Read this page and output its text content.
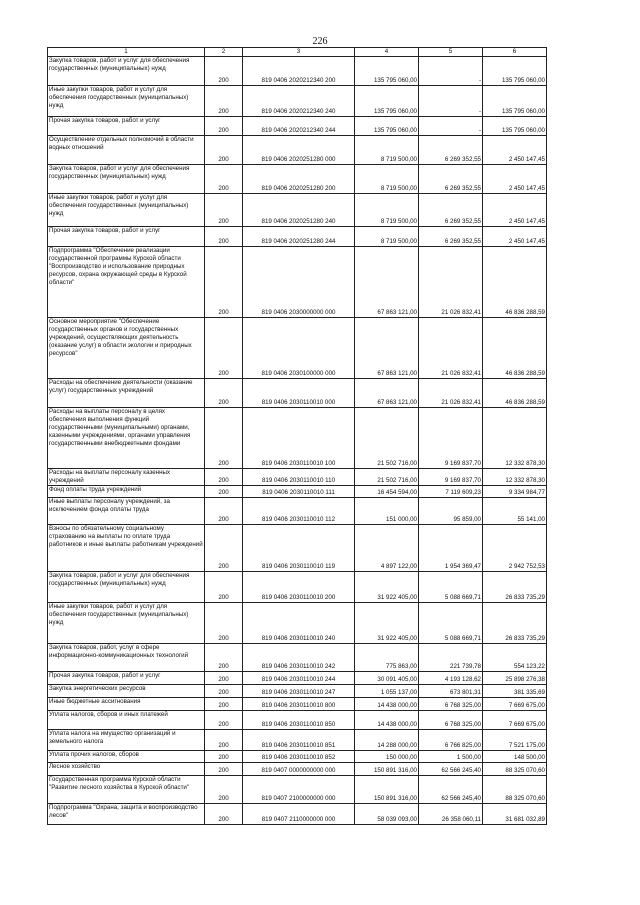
226
1	2	3	4	5	6
Закупка товаров, работ и услуг для обеспечения государственных (муниципальных) нужд	200	819 0406 2020212340 200	135 795 060,00	-	135 795 060,00
Иные закупки товаров, работ и услуг для обеспечения государственных (муниципальных) нужд	200	819 0406 2020212340 240	135 795 060,00	-	135 795 060,00
Прочая закупка товаров, работ и услуг	200	819 0406 2020212340 244	135 795 060,00	-	135 795 060,00
Осуществление отдельных полномочий в области водных отношений	200	819 0406 2020251280 000	8 719 500,00	6 269 352,55	2 450 147,45
Закупка товаров, работ и услуг для обеспечения государственных (муниципальных) нужд	200	819 0406 2020251280 200	8 719 500,00	6 269 352,55	2 450 147,45
Иные закупки товаров, работ и услуг для обеспечения государственных (муниципальных) нужд	200	819 0406 2020251280 240	8 719 500,00	6 269 352,55	2 450 147,45
Прочая закупка товаров, работ и услуг	200	819 0406 2020251280 244	8 719 500,00	6 269 352,55	2 450 147,45
Подпрограмма "Обеспечение реализации государственной программы Курской области "Воспроизводство и использование природных ресурсов, охрана окружающей среды в Курской области"	200	819 0406 2030000000 000	67 863 121,00	21 026 832,41	46 836 288,59
Основное мероприятие "Обеспечение государственных органов и государственных учреждений, осуществляющих деятельность (оказание услуг) в области экологии и природных ресурсов"	200	819 0406 2030100000 000	67 863 121,00	21 026 832,41	46 836 288,59
Расходы на обеспечение деятельности (оказание услуг) государственных учреждений	200	819 0406 2030110010 000	67 863 121,00	21 026 832,41	46 836 288,59
Расходы на выплаты персоналу в целях обеспечения выполнения функций государственными (муниципальными) органами, казенными учреждениями, органами управления государственными внебюджетными фондами	200	819 0406 2030110010 100	21 502 716,00	9 169 837,70	12 332 878,30
Расходы на выплаты персоналу казенных учреждений	200	819 0406 2030110010 110	21 502 716,00	9 169 837,70	12 332 878,30
Фонд оплаты труда учреждений	200	819 0406 2030110010 111	16 454 594,00	7 119 609,23	9 334 984,77
Иные выплаты персоналу учреждений, за исключением фонда оплаты труда	200	819 0406 2030110010 112	151 000,00	95 859,00	55 141,00
Взносы по обязательному социальному страхованию на выплаты по оплате труда работников и иные выплаты работникам учреждений	200	819 0406 2030110010 119	4 897 122,00	1 954 369,47	2 942 752,53
Закупка товаров, работ и услуг для обеспечения государственных (муниципальных) нужд	200	819 0406 2030110010 200	31 922 405,00	5 088 669,71	26 833 735,29
Иные закупки товаров, работ и услуг для обеспечения государственных (муниципальных) нужд	200	819 0406 2030110010 240	31 922 405,00	5 088 669,71	26 833 735,29
Закупка товаров, работ, услуг в сфере информационно-коммуникационных технологий	200	819 0406 2030110010 242	775 863,00	221 739,78	554 123,22
Прочая закупка товаров, работ и услуг	200	819 0406 2030110010 244	30 091 405,00	4 193 128,62	25 898 276,38
Закупка энергетических ресурсов	200	819 0406 2030110010 247	1 055 137,00	673 801,31	381 335,69
Иные бюджетные ассигнования	200	819 0406 2030110010 800	14 438 000,00	6 768 325,00	7 669 675,00
Уплата налогов, сборов и иных платежей	200	819 0406 2030110010 850	14 438 000,00	6 768 325,00	7 669 675,00
Уплата налога на имущество организаций и земельного налога	200	819 0406 2030110010 851	14 288 000,00	6 766 825,00	7 521 175,00
Уплата прочих налогов, сборов	200	819 0406 2030110010 852	150 000,00	1 500,00	148 500,00
Лесное хозяйство	200	819 0407 0000000000 000	150 891 316,00	62 566 245,40	88 325 070,60
Государственная программа Курской области "Развитие лесного хозяйства в Курской области"	200	819 0407 2100000000 000	150 891 316,00	62 566 245,40	88 325 070,60
Подпрограмма "Охрана, защита и воспроизводство лесов"	200	819 0407 2110000000 000	58 039 093,00	26 358 060,11	31 681 032,89
